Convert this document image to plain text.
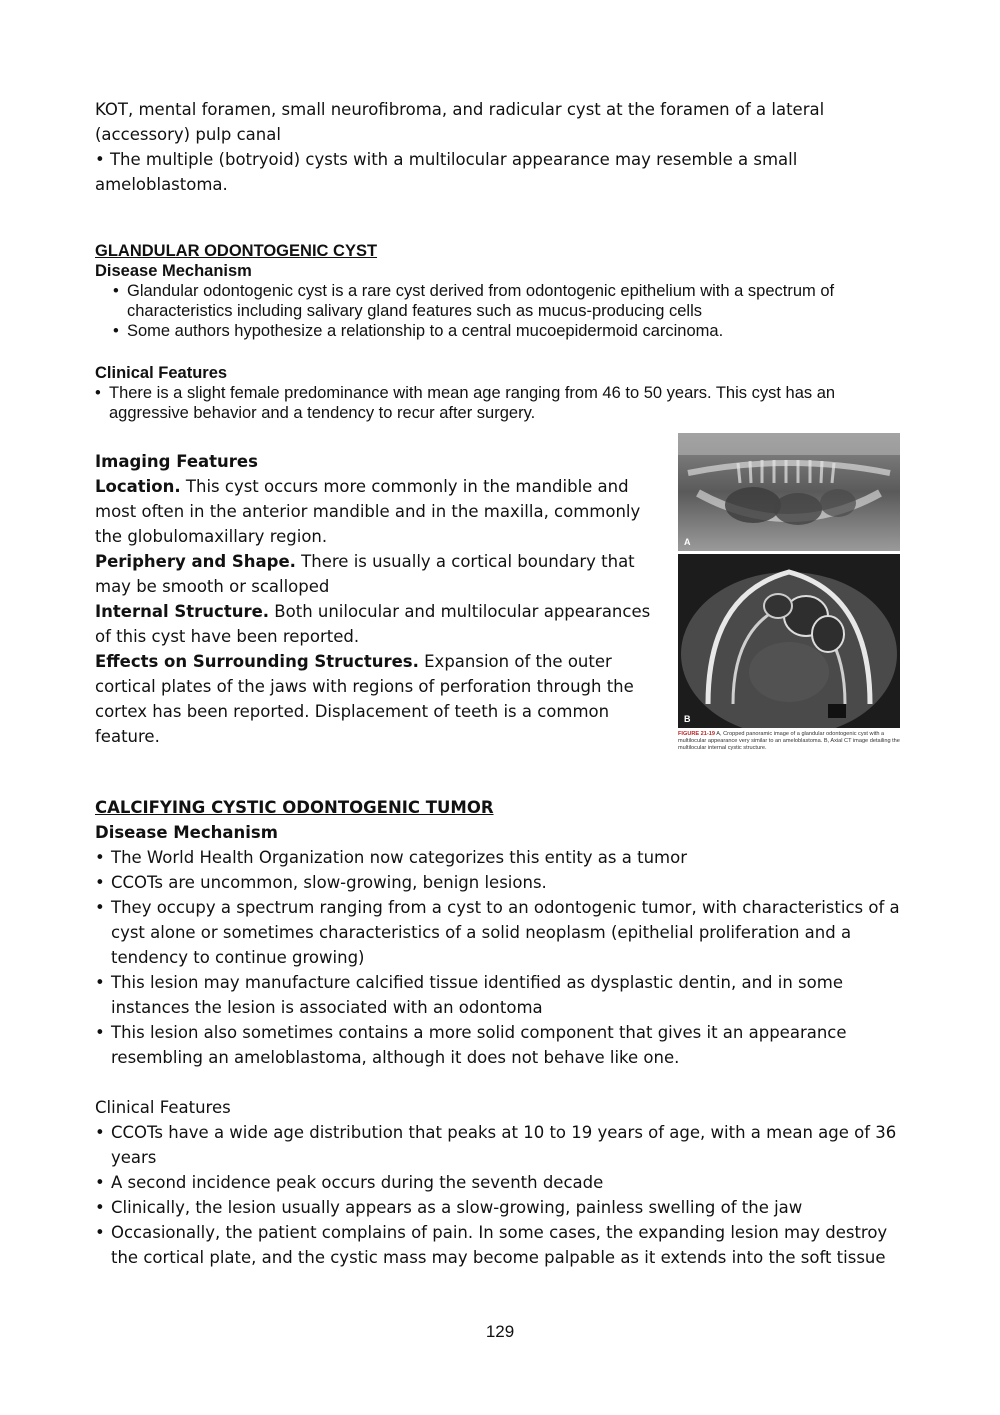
KOT, mental foramen, small neurofibroma, and radicular cyst at the foramen of a lateral (accessory) pulp canal

• The multiple (botryoid) cysts with a multilocular appearance may resemble a small ameloblastoma.

GLANDULAR ODONTOGENIC CYST

Disease Mechanism

• Glandular odontogenic cyst is a rare cyst derived from odontogenic epithelium with a spectrum of characteristics including salivary gland features such as mucus-producing cells

• Some authors hypothesize a relationship to a central mucoepidermoid carcinoma.

Clinical Features

• There is a slight female predominance with mean age ranging from 46 to 50 years. This cyst has an aggressive behavior and a tendency to recur after surgery.

Imaging Features

Location. This cyst occurs more commonly in the mandible and most often in the anterior mandible and in the maxilla, commonly the globulomaxillary region.

Periphery and Shape. There is usually a cortical boundary that may be smooth or scalloped

Internal Structure. Both unilocular and multilocular appearances of this cyst have been reported.

Effects on Surrounding Structures. Expansion of the outer cortical plates of the jaws with regions of perforation through the cortex has been reported. Displacement of teeth is a common feature.

A
B

FIGURE 21-19 A, Cropped panoramic image of a glandular odontogenic cyst with a multilocular appearance very similar to an ameloblastoma. B, Axial CT image detailing the multilocular internal cystic structure.

CALCIFYING CYSTIC ODONTOGENIC TUMOR

Disease Mechanism

• The World Health Organization now categorizes this entity as a tumor

• CCOTs are uncommon, slow-growing, benign lesions.

• They occupy a spectrum ranging from a cyst to an odontogenic tumor, with characteristics of a cyst alone or sometimes characteristics of a solid neoplasm (epithelial proliferation and a tendency to continue growing)

• This lesion may manufacture calcified tissue identified as dysplastic dentin, and in some instances the lesion is associated with an odontoma

• This lesion also sometimes contains a more solid component that gives it an appearance resembling an ameloblastoma, although it does not behave like one.

Clinical Features

• CCOTs have a wide age distribution that peaks at 10 to 19 years of age, with a mean age of 36 years

• A second incidence peak occurs during the seventh decade

• Clinically, the lesion usually appears as a slow-growing, painless swelling of the jaw

• Occasionally, the patient complains of pain. In some cases, the expanding lesion may destroy the cortical plate, and the cystic mass may become palpable as it extends into the soft tissue

129
